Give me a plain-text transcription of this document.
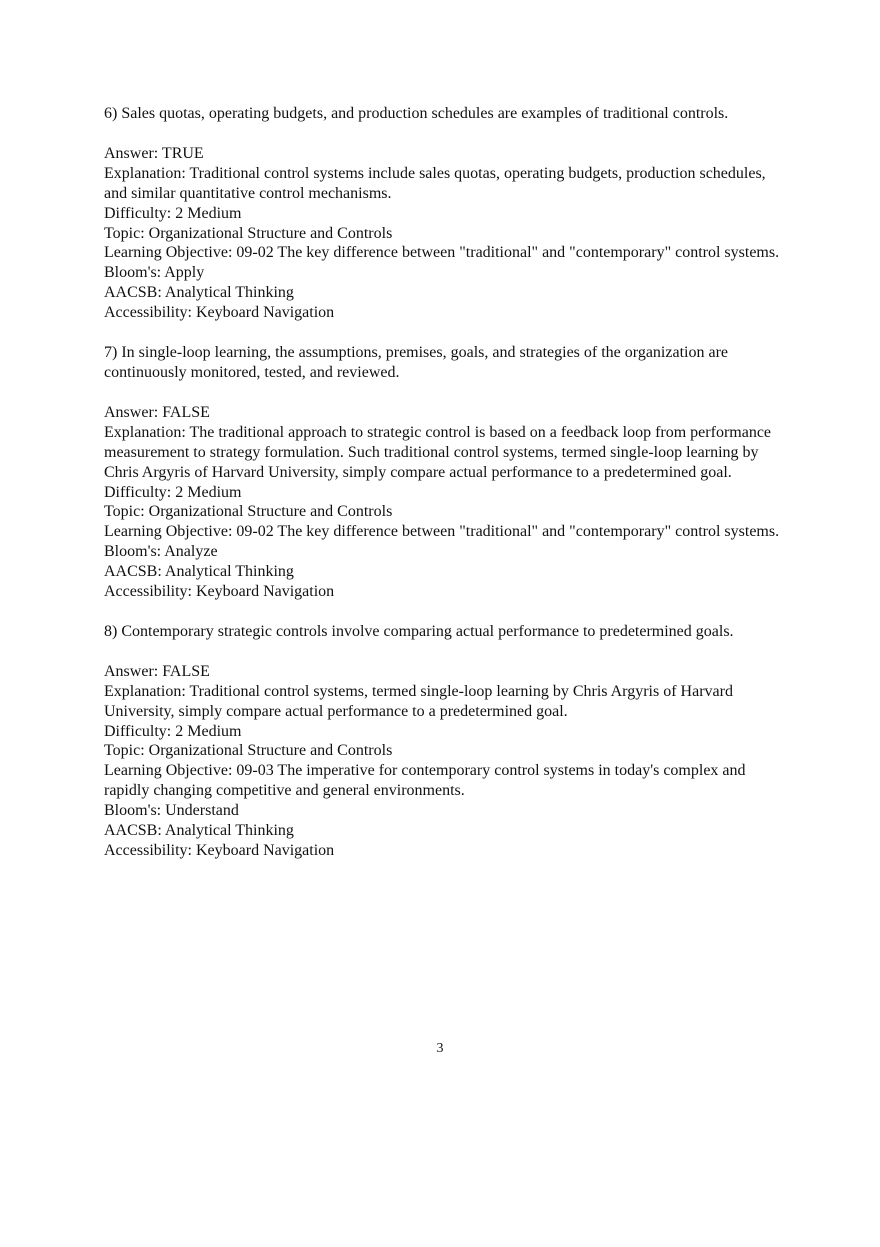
6) Sales quotas, operating budgets, and production schedules are examples of traditional controls.

Answer: TRUE

Explanation: Traditional control systems include sales quotas, operating budgets, production schedules, and similar quantitative control mechanisms.

Difficulty: 2 Medium

Topic: Organizational Structure and Controls

Learning Objective: 09-02 The key difference between "traditional" and "contemporary" control systems.

Bloom's: Apply

AACSB: Analytical Thinking

Accessibility: Keyboard Navigation

7) In single-loop learning, the assumptions, premises, goals, and strategies of the organization are continuously monitored, tested, and reviewed.

Answer: FALSE

Explanation: The traditional approach to strategic control is based on a feedback loop from performance measurement to strategy formulation. Such traditional control systems, termed single-loop learning by Chris Argyris of Harvard University, simply compare actual performance to a predetermined goal.

Difficulty: 2 Medium

Topic: Organizational Structure and Controls

Learning Objective: 09-02 The key difference between "traditional" and "contemporary" control systems.

Bloom's: Analyze

AACSB: Analytical Thinking

Accessibility: Keyboard Navigation

8) Contemporary strategic controls involve comparing actual performance to predetermined goals.

Answer: FALSE

Explanation: Traditional control systems, termed single-loop learning by Chris Argyris of Harvard University, simply compare actual performance to a predetermined goal.

Difficulty: 2 Medium

Topic: Organizational Structure and Controls

Learning Objective: 09-03 The imperative for contemporary control systems in today's complex and rapidly changing competitive and general environments.

Bloom's: Understand

AACSB: Analytical Thinking

Accessibility: Keyboard Navigation

3
